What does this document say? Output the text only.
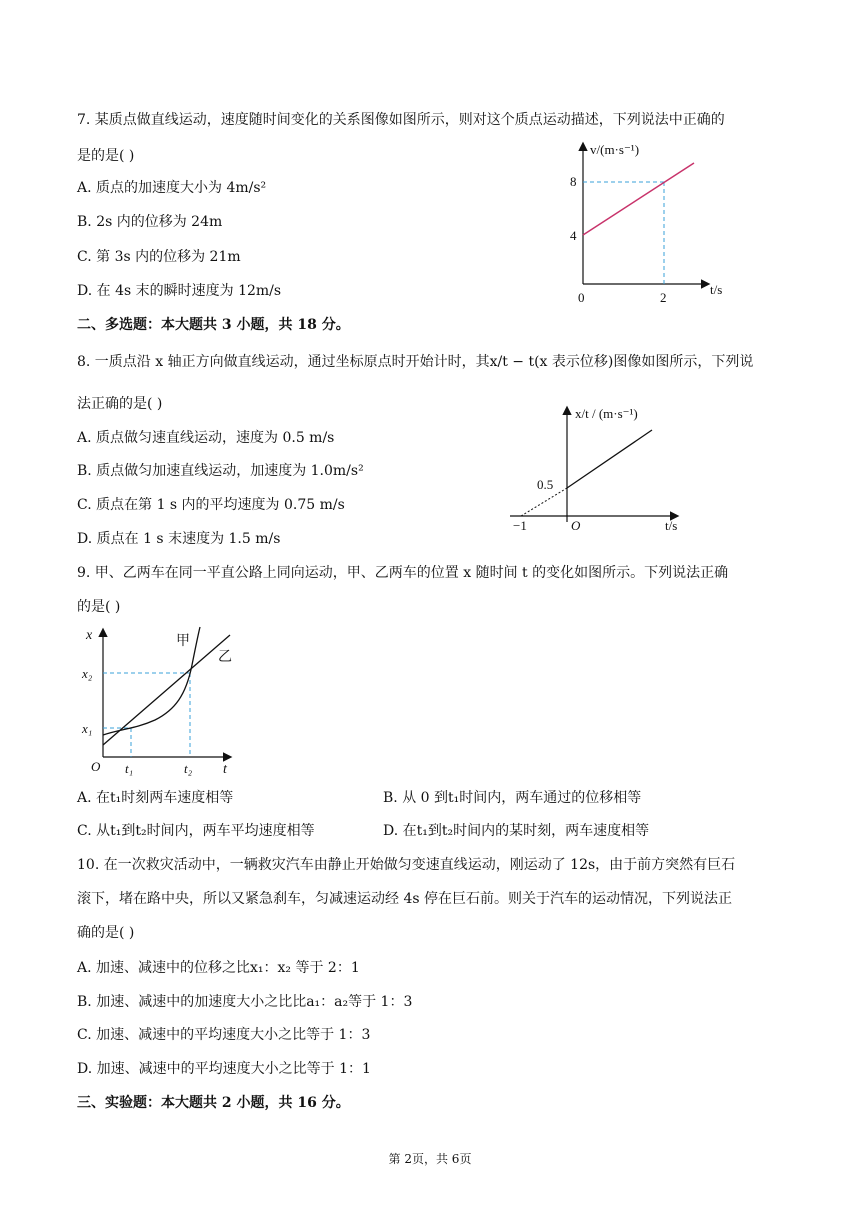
7. 某质点做直线运动，速度随时间变化的关系图像如图所示，则对这个质点运动描述，下列说法中正确的
是的是( )
A. 质点的加速度大小为 4m/s²
B. 2s 内的位移为 24m
C. 第 3s 内的位移为 21m
D. 在 4s 末的瞬时速度为 12m/s
v/(m·s⁻¹)
t/s
8
4
0	2
二、多选题：本大题共 3 小题，共 18 分。
8. 一质点沿 x 轴正方向做直线运动，通过坐标原点时开始计时，其x/t − t(x 表示位移)图像如图所示，下列说
法正确的是( )
A. 质点做匀速直线运动，速度为 0.5 m/s
B. 质点做匀加速直线运动，加速度为 1.0m/s²
C. 质点在第 1 s 内的平均速度为 0.75 m/s
D. 质点在 1 s 末速度为 1.5 m/s
x/t / (m·s⁻¹)
t/s
0.5
O
−1
9. 甲、乙两车在同一平直公路上同向运动，甲、乙两车的位置 x 随时间 t 的变化如图所示。下列说法正确
的是( )
甲
乙
x
t
x₂
x₁
O t₁	t₂
A. 在t₁时刻两车速度相等	B. 从 0 到t₁时间内，两车通过的位移相等
C. 从t₁到t₂时间内，两车平均速度相等	D. 在t₁到t₂时间内的某时刻，两车速度相等
10. 在一次救灾活动中，一辆救灾汽车由静止开始做匀变速直线运动，刚运动了 12s，由于前方突然有巨石
滚下，堵在路中央，所以又紧急刹车，匀减速运动经 4s 停在巨石前。则关于汽车的运动情况，下列说法正
确的是( )
A. 加速、减速中的位移之比x₁：x₂ 等于 2：1
B. 加速、减速中的加速度大小之比比a₁：a₂等于 1：3
C. 加速、减速中的平均速度大小之比等于 1：3
D. 加速、减速中的平均速度大小之比等于 1：1
三、实验题：本大题共 2 小题，共 16 分。
第 2页，共 6页
